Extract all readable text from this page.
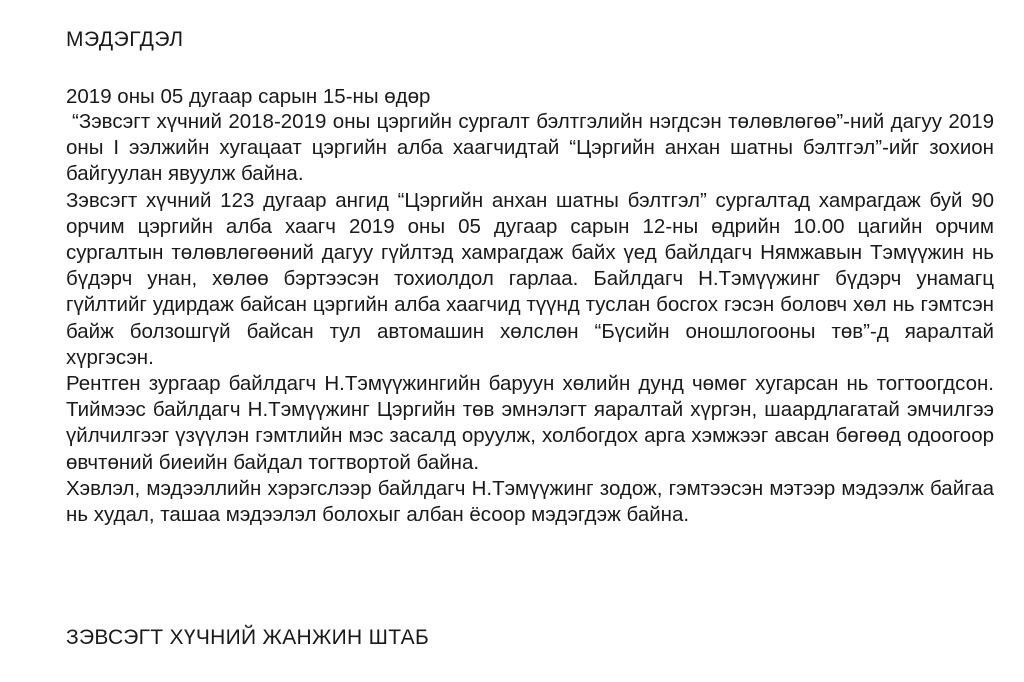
МЭДЭГДЭЛ
2019 оны 05 дугаар сарын 15-ны өдөр

“Зэвсэгт хүчний 2018-2019 оны цэргийн сургалт бэлтгэлийн нэгдсэн төлөвлөгөө”-ний дагуу 2019 оны I ээлжийн хугацаат цэргийн алба хаагчидтай “Цэргийн анхан шатны бэлтгэл”-ийг зохион байгуулан явуулж байна.

Зэвсэгт хүчний 123 дугаар ангид “Цэргийн анхан шатны бэлтгэл” сургалтад хамрагдаж буй 90 орчим цэргийн алба хаагч 2019 оны 05 дугаар сарын 12-ны өдрийн 10.00 цагийн орчим сургалтын төлөвлөгөөний дагуу гүйлтэд хамрагдаж байх үед байлдагч Нямжавын Тэмүүжин нь бүдэрч унан, хөлөө бэртээсэн тохиолдол гарлаа. Байлдагч Н.Тэмүүжинг бүдэрч унамагц гүйлтийг удирдаж байсан цэргийн алба хаагчид түүнд туслан босгох гэсэн боловч хөл нь гэмтсэн байж болзошгүй байсан тул автомашин хөлслөн “Бүсийн оношлогооны төв”-д яаралтай хүргэсэн.

Рентген зургаар байлдагч Н.Тэмүүжингийн баруун хөлийн дунд чөмөг хугарсан нь тогтоогдсон. Тиймээс байлдагч Н.Тэмүүжинг Цэргийн төв эмнэлэгт яаралтай хүргэн, шаардлагатай эмчилгээ үйлчилгээг үзүүлэн гэмтлийн мэс засалд оруулж, холбогдох арга хэмжээг авсан бөгөөд одоогоор өвчтөний биеийн байдал тогтвортой байна.

Хэвлэл, мэдээллийн хэрэгслээр байлдагч Н.Тэмүүжинг зодож, гэмтээсэн мэтээр мэдээлж байгаа нь худал, ташаа мэдээлэл болохыг албан ёсоор мэдэгдэж байна.

ЗЭВСЭГТ ХҮЧНИЙ ЖАНЖИН ШТАБ
